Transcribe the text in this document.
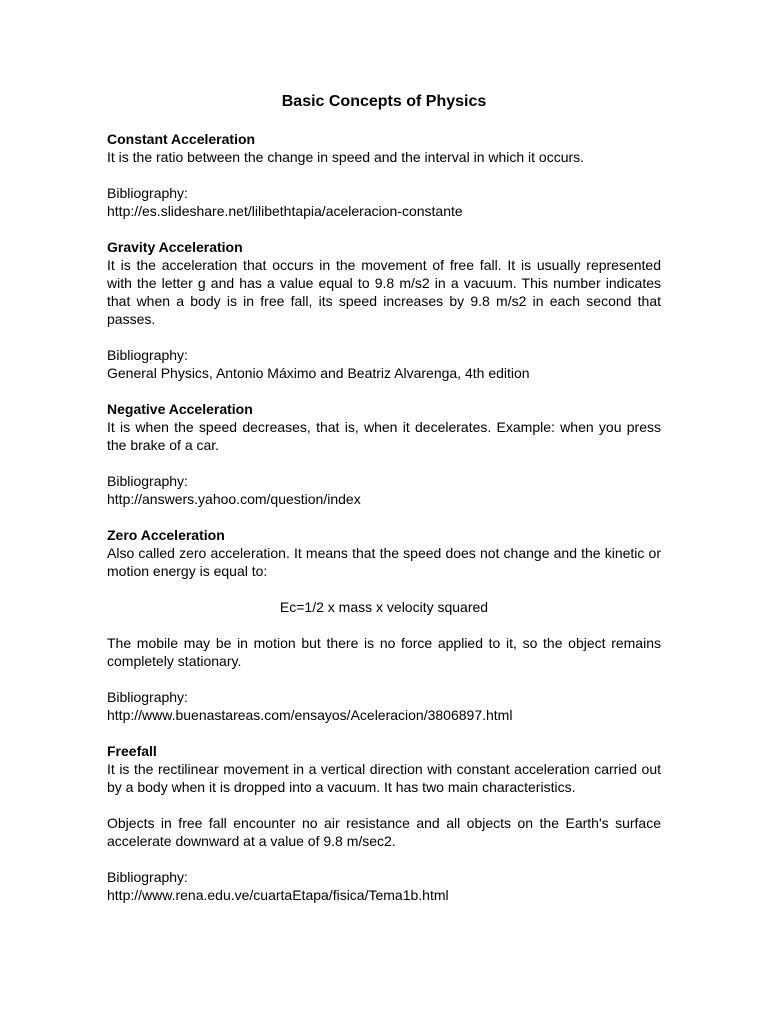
Basic Concepts of Physics
Constant Acceleration
It is the ratio between the change in speed and the interval in which it occurs.
Bibliography:
http://es.slideshare.net/lilibethtapia/aceleracion-constante
Gravity Acceleration
It is the acceleration that occurs in the movement of free fall. It is usually represented with the letter g and has a value equal to 9.8 m/s2 in a vacuum. This number indicates that when a body is in free fall, its speed increases by 9.8 m/s2 in each second that passes.
Bibliography:
General Physics, Antonio Máximo and Beatriz Alvarenga, 4th edition
Negative Acceleration
It is when the speed decreases, that is, when it decelerates. Example: when you press the brake of a car.
Bibliography:
http://answers.yahoo.com/question/index
Zero Acceleration
Also called zero acceleration. It means that the speed does not change and the kinetic or motion energy is equal to:
Ec=1/2 x mass x velocity squared
The mobile may be in motion but there is no force applied to it, so the object remains completely stationary.
Bibliography:
http://www.buenastareas.com/ensayos/Aceleracion/3806897.html
Freefall
It is the rectilinear movement in a vertical direction with constant acceleration carried out by a body when it is dropped into a vacuum. It has two main characteristics.
Objects in free fall encounter no air resistance and all objects on the Earth's surface accelerate downward at a value of 9.8 m/sec2.
Bibliography:
http://www.rena.edu.ve/cuartaEtapa/fisica/Tema1b.html
